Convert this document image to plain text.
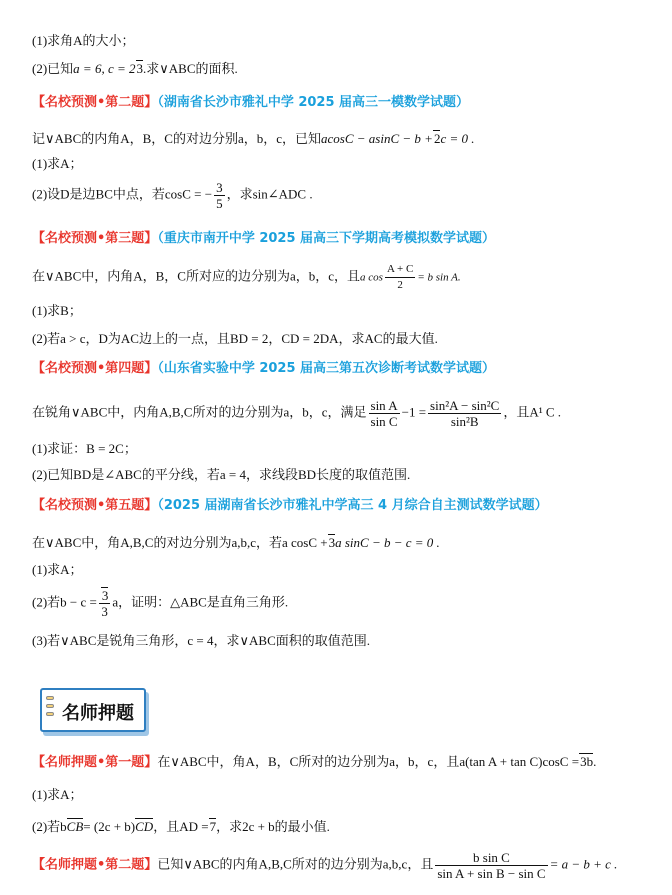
(1)求角A的大小；
(2)已知a = 6, c = 23.求∨ABC的面积.
【名校预测•第二题】（湖南省长沙市雅礼中学 2025 届高三一模数学试题）
记∨ABC的内角A，B，C的对边分别a，b，c，已知acosC − asinC − b +2c = 0 .
(1)求A；
(2)设D是边BC中点，若cosC = − $\frac{3}{5}$ ，求sin∠ADC .
【名校预测•第三题】（重庆市南开中学 2025 届高三下学期高考模拟数学试题）
在∨ABC中，内角A，B，C所对应的边分别为a，b，c，且a $\cos \frac{A + C}{2} = b$ sin A.
(1)求B；
(2)若a > c，D为AC边上的一点，且BD = 2，CD = 2DA，求AC的最大值.
【名校预测•第四题】（山东省实验中学 2025 届高三第五次诊断考试数学试题）
在锐角∨ABC中，内角A,B,C所对的边分别为a，b，c，满足 $\frac{\text{sin A}}{\text{sin C}} -1 = \frac{\text{sin²A − sin²C}}{\text{sin²B}}$ ，且A¹ C .
(1)求证：B = 2C；
(2)已知BD是∠ABC的平分线，若a = 4，求线段BD长度的取值范围.
【名校预测•第五题】（2025 届湖南省长沙市雅礼中学高三 4 月综合自主测试数学试题）
在∨ABC中，角A,B,C的对边分别为a,b,c，若a cosC +3a sinC − b − c = 0 .
(1)求A；
(2)若$b - c = \frac{3}{3}$ a，证明：△ABC是直角三角形.
(3)若∨ABC是锐角三角形，c = 4，求∨ABC面积的取值范围.
名师押题
【名师押题•第一题】在∨ABC中，角A，B，C所对的边分别为a，b，c，且a(tan A + tan C)cosC =3b.
(1)求A；
(2)若bCB= (2c + b)CD，且AD =7，求2c + b的最小值.
【名师押题•第二题】已知∨ABC的内角A,B,C所对的边分别为a,b,c，且 $\frac{\text{b sin C}}{\text{sin A + sin B − sin C}} = a - b + c$ .
